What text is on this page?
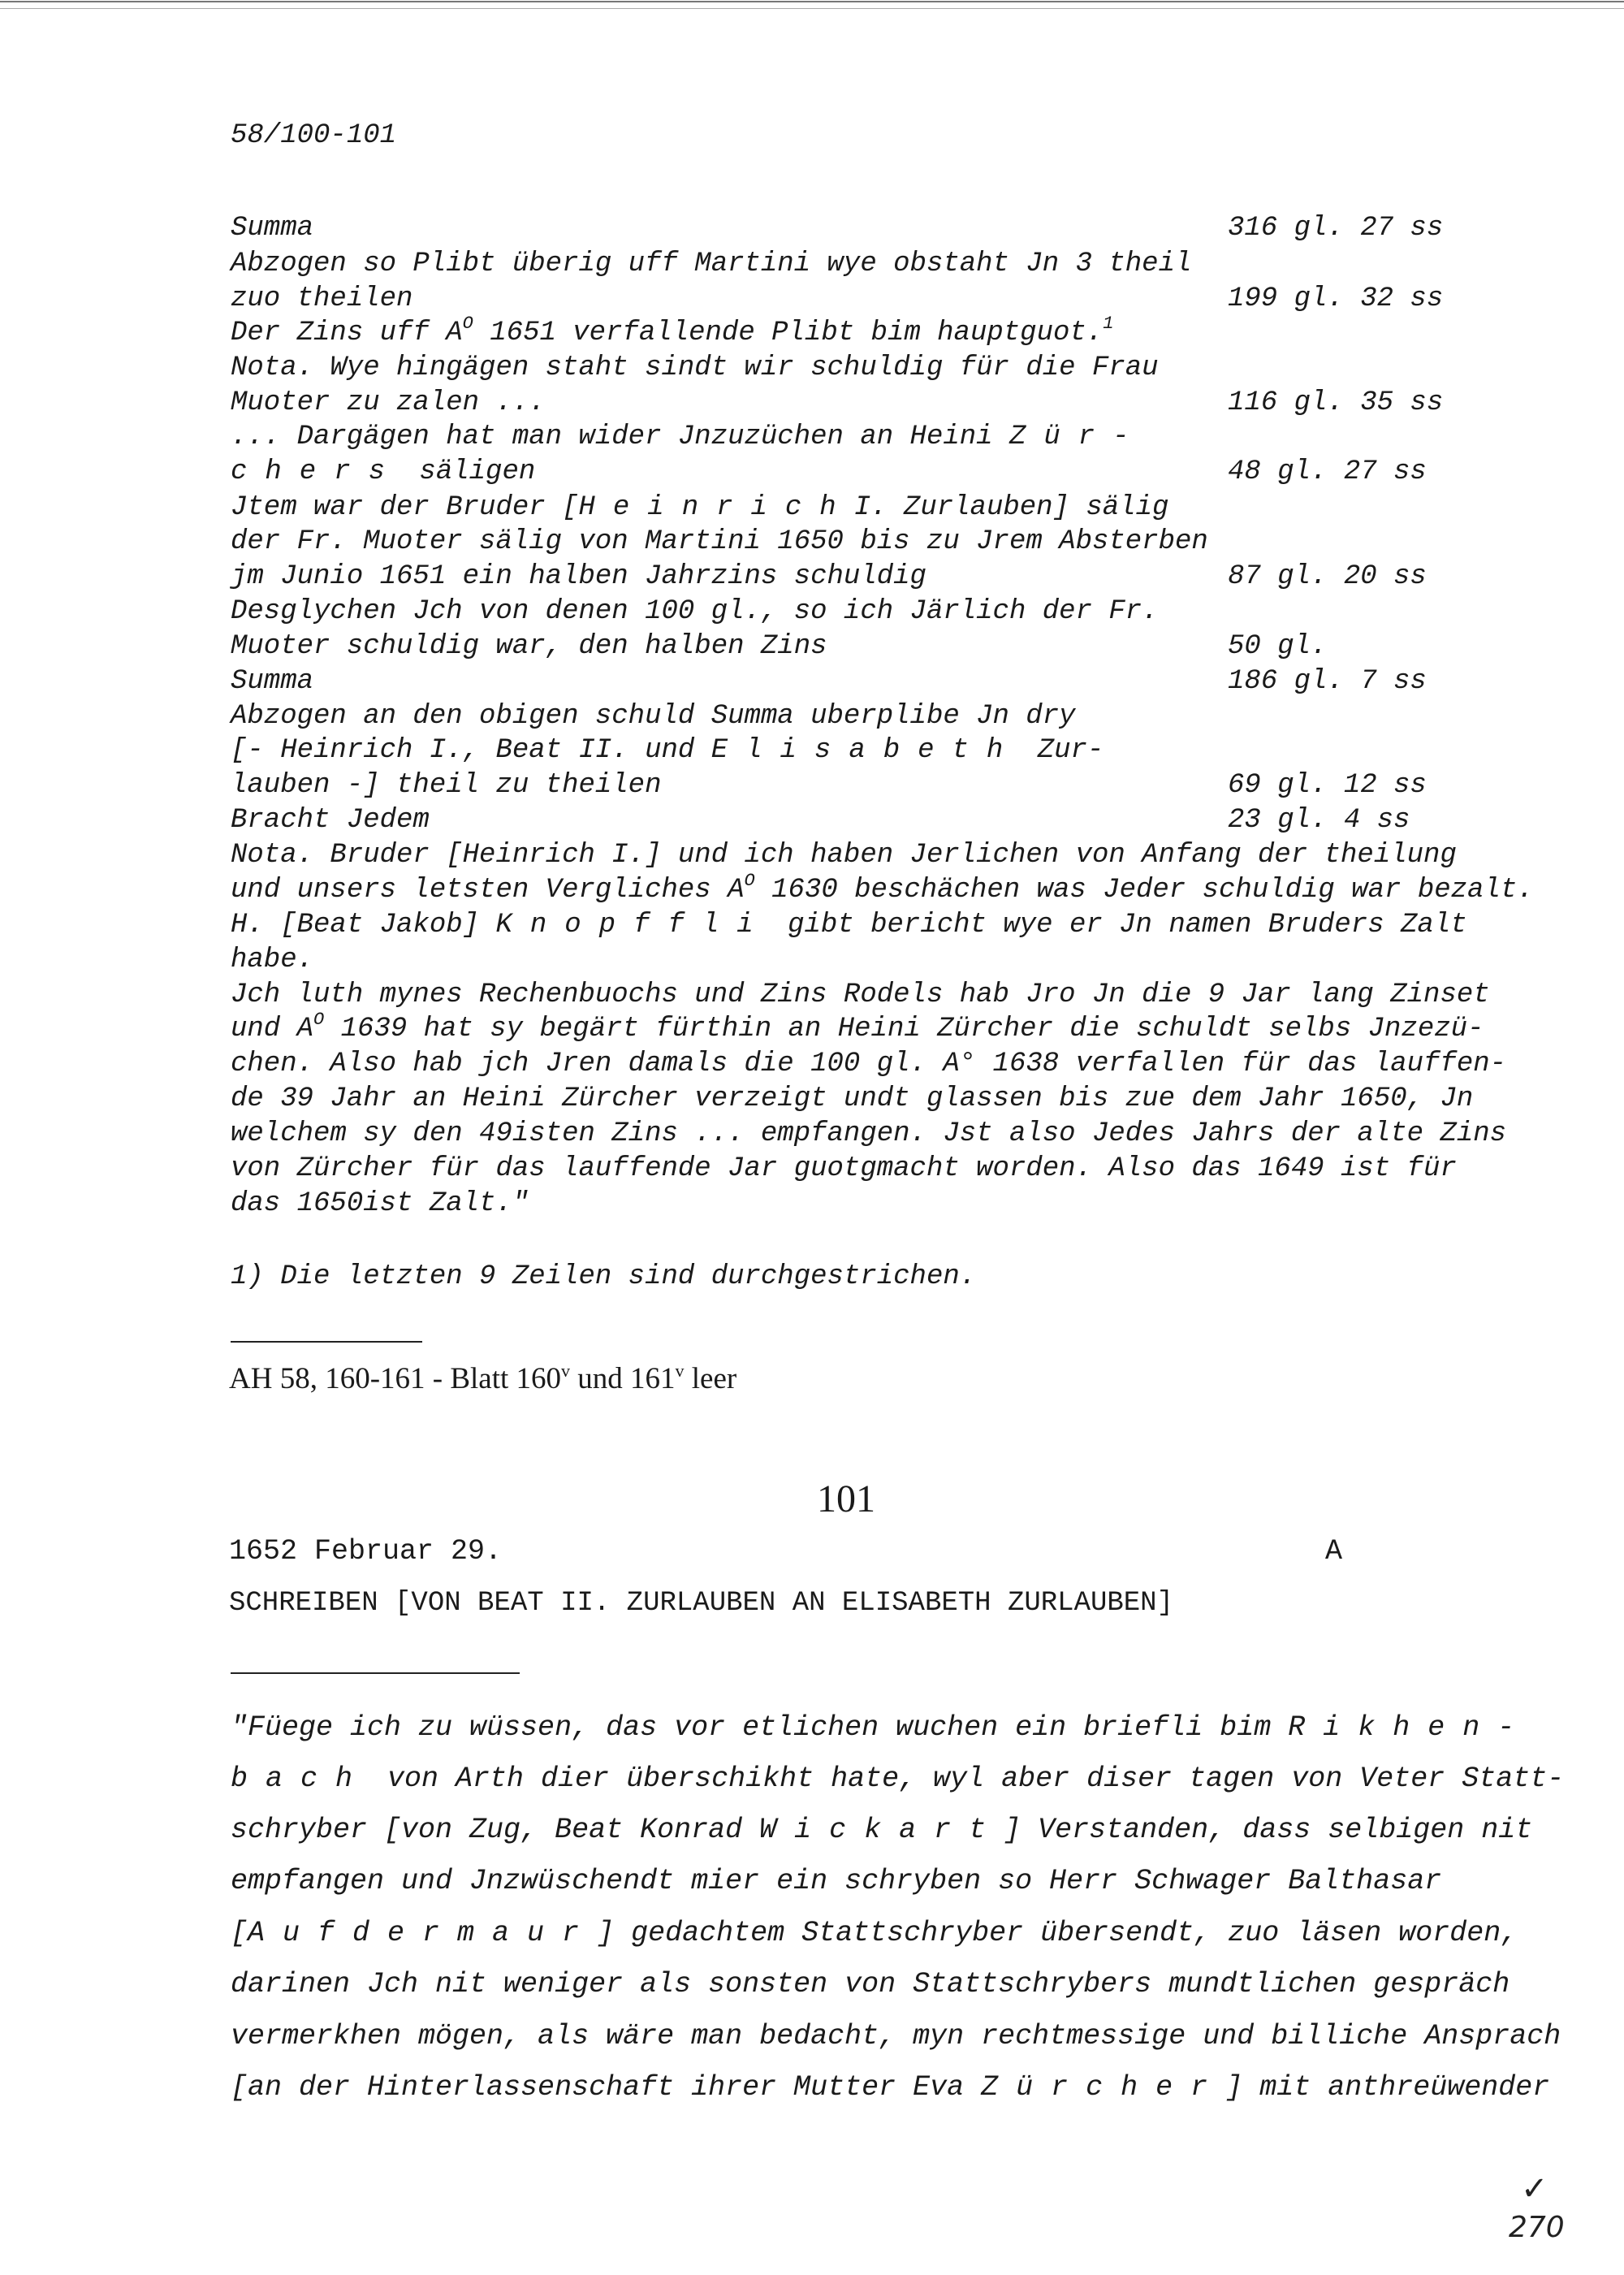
58/100-101
Summa	316 gl. 27 ss
Abzogen so Plibt überig uff Martini wye obstaht Jn 3 theil
zuo theilen	199 gl. 32 ss
Der Zins uff $A^O$ 1651 verfallende Plibt bim hauptguot.$^1$
Nota. Wye hingägen staht sindt wir schuldig für die Frau
Muoter zu zalen ...	116 gl. 35 ss
... Dargägen hat man wider Jnzuzüchen an Heini Zür-
chers säligen	48 gl. 27 ss
Jtem war der Bruder [HeinrichI. Zurlauben] sälig
der Fr. Muoter sälig von Martini 1650 bis zu Jrem Absterben
jm Junio 1651 ein halben Jahrzins schuldig	87 gl. 20 ss
Desglychen Jch von denen 100 gl., so ich Järlich der Fr.
Muoter schuldig war, den halben Zins	50 gl.
Summa	186 gl. 7 ss
Abzogen an den obigen schuld Summa uberplibe Jn dry
[- Heinrich I., Beat II. und Elisabeth Zur-
lauben -] theil zu theilen	69 gl. 12 ss
Bracht Jedem	23 gl. 4 ss
Nota. Bruder [Heinrich I.] und ich haben Jerlichen von Anfang der theilung
und unsers letsten Vergliches $A^O$ 1630 beschächen was Jeder schuldig war bezalt.
H. [Beat Jakob] Knopffli gibt bericht wye er Jn namen Bruders Zalt
habe.
Jch luth mynes Rechenbuochs und Zins Rodels hab Jro Jn die 9 Jar lang Zinset
und $A^O$ 1639 hat sy begärt fürthin an Heini Zürcher die schuldt selbs Jnzezü-
chen. Also hab jch Jren damals die 100 gl. A° 1638 verfallen für das lauffen-
de 39 Jahr an Heini Zürcher verzeigt undt glassen bis zue dem Jahr 1650, Jn
welchem sy den 49isten Zins ... empfangen. Jst also Jedes Jahrs der alte Zins
von Zürcher für das lauffende Jar guotgmacht worden. Also das 1649 ist für
das 1650ist Zalt."
1) Die letzten 9 Zeilen sind durchgestrichen.
AH 58, 160-161 - Blatt 160$^v$ und 161$^v$ leer
101
1652 Februar 29.	A
SCHREIBEN [VON BEAT II. ZURLAUBEN AN ELISABETH ZURLAUBEN]
"Füege ich zu wüssen, das vor etlichen wuchen ein briefli bim Rikhen-
bach von Arth dier überschikht hate, wyl aber diser tagen von Veter Statt-
schryber [von Zug, Beat Konrad Wickart] Verstanden, dass selbigen nit
empfangen und Jnzwüschendt mier ein schryben so Herr Schwager Balthasar
[Aufdermaur] gedachtem Stattschryber übersendt, zuo läsen worden,
darinen Jch nit weniger als sonsten von Stattschrybers mundtlichen gespräch
vermerkhen mögen, als wäre man bedacht, myn rechtmessige und billiche Ansprach
[an der Hinterlassenschaft ihrer Mutter Eva Zürcher] mit anthreüwender
✓
270
